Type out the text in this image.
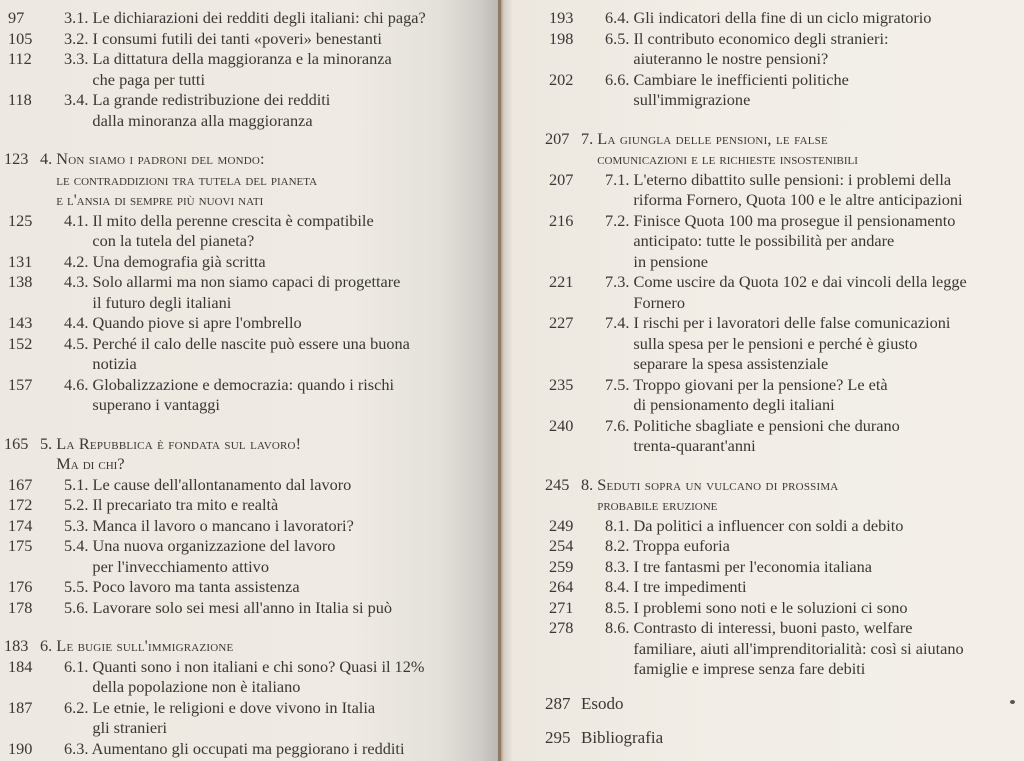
97	3.1. Le dichiarazioni dei redditi degli italiani: chi paga?
105	3.2. I consumi futili dei tanti «poveri» benestanti
112	3.3. La dittatura della maggioranza e la minoranza
che paga per tutti
118	3.4. La grande redistribuzione dei redditi
dalla minoranza alla maggioranza
123 4. Non siamo i padroni del mondo:
le contraddizioni tra tutela del pianeta
e l'ansia di sempre più nuovi nati
125	4.1. Il mito della perenne crescita è compatibile
con la tutela del pianeta?
131	4.2. Una demografia già scritta
138	4.3. Solo allarmi ma non siamo capaci di progettare
il futuro degli italiani
143	4.4. Quando piove si apre l'ombrello
152	4.5. Perché il calo delle nascite può essere una buona
notizia
157	4.6. Globalizzazione e democrazia: quando i rischi
superano i vantaggi
165 5. La Repubblica è fondata sul lavoro!
Ma di chi?
167	5.1. Le cause dell'allontanamento dal lavoro
172	5.2. Il precariato tra mito e realtà
174	5.3. Manca il lavoro o mancano i lavoratori?
175	5.4. Una nuova organizzazione del lavoro
per l'invecchiamento attivo
176	5.5. Poco lavoro ma tanta assistenza
178	5.6. Lavorare solo sei mesi all'anno in Italia si può
183 6. Le bugie sull'immigrazione
184	6.1. Quanti sono i non italiani e chi sono? Quasi il 12%
della popolazione non è italiano
187	6.2. Le etnie, le religioni e dove vivono in Italia
gli stranieri
190	6.3. Aumentano gli occupati ma peggiorano i redditi
193	6.4. Gli indicatori della fine di un ciclo migratorio
198	6.5. Il contributo economico degli stranieri:
aiuteranno le nostre pensioni?
202	6.6. Cambiare le inefficienti politiche
sull'immigrazione
207 7. La giungla delle pensioni, le false
comunicazioni e le richieste insostenibili
207	7.1. L'eterno dibattito sulle pensioni: i problemi della
riforma Fornero, Quota 100 e le altre anticipazioni
216	7.2. Finisce Quota 100 ma prosegue il pensionamento
anticipato: tutte le possibilità per andare
in pensione
221	7.3. Come uscire da Quota 102 e dai vincoli della legge
Fornero
227	7.4. I rischi per i lavoratori delle false comunicazioni
sulla spesa per le pensioni e perché è giusto
separare la spesa assistenziale
235	7.5. Troppo giovani per la pensione? Le età
di pensionamento degli italiani
240	7.6. Politiche sbagliate e pensioni che durano
trenta-quarant'anni
245 8. Seduti sopra un vulcano di prossima
probabile eruzione
249	8.1. Da politici a influencer con soldi a debito
254	8.2. Troppa euforia
259	8.3. I tre fantasmi per l'economia italiana
264	8.4. I tre impedimenti
271	8.5. I problemi sono noti e le soluzioni ci sono
278	8.6. Contrasto di interessi, buoni pasto, welfare
familiare, aiuti all'imprenditorialità: così si aiutano
famiglie e imprese senza fare debiti
287 Esodo
295 Bibliografia
